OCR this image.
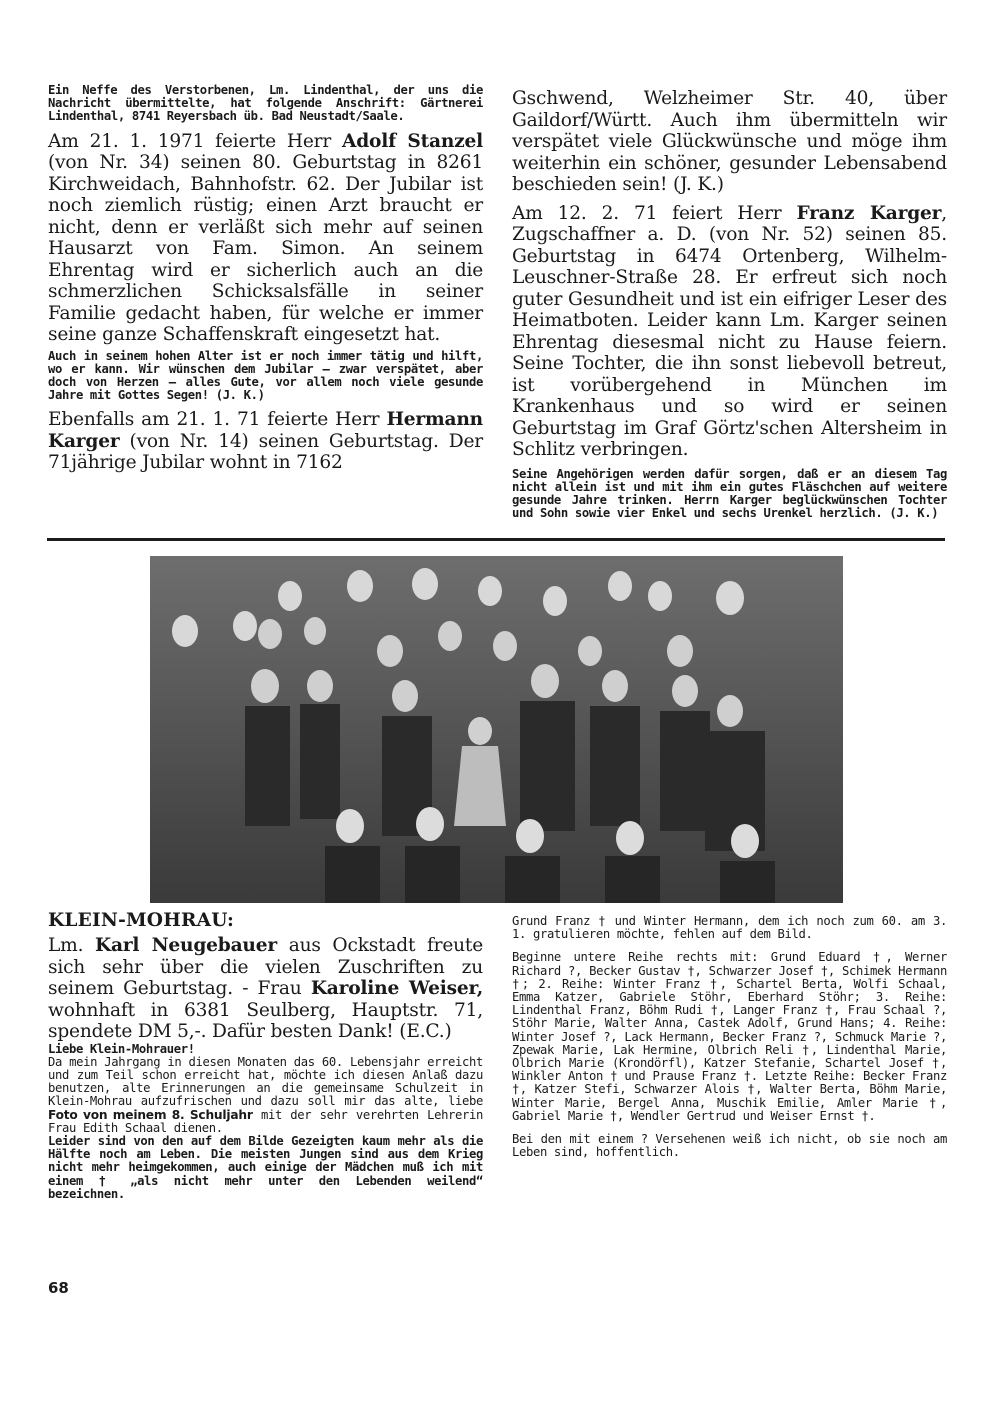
Ein Neffe des Verstorbenen, Lm. Lindenthal, der uns die Nachricht übermittelte, hat folgende Anschrift: Gärtnerei Lindenthal, 8741 Reyersbach üb. Bad Neustadt/Saale.

Am 21. 1. 1971 feierte Herr Adolf Stanzel (von Nr. 34) seinen 80. Geburtstag in 8261 Kirchweidach, Bahnhofstr. 62. Der Jubilar ist noch ziemlich rüstig; einen Arzt braucht er nicht, denn er verläßt sich mehr auf seinen Hausarzt von Fam. Simon. An seinem Ehrentag wird er sicherlich auch an die schmerzlichen Schicksalsfälle in seiner Familie gedacht haben, für welche er immer seine ganze Schaffenskraft eingesetzt hat.

Auch in seinem hohen Alter ist er noch immer tätig und hilft, wo er kann. Wir wünschen dem Jubilar — zwar verspätet, aber doch von Herzen — alles Gute, vor allem noch viele gesunde Jahre mit Gottes Segen! (J. K.)

Ebenfalls am 21. 1. 71 feierte Herr Hermann Karger (von Nr. 14) seinen Geburtstag. Der 71jährige Jubilar wohnt in 7162

Gschwend, Welzheimer Str. 40, über Gaildorf/Württ. Auch ihm übermitteln wir verspätet viele Glückwünsche und möge ihm weiterhin ein schöner, gesunder Lebensabend beschieden sein! (J. K.)

Am 12. 2. 71 feiert Herr Franz Karger, Zugschaffner a. D. (von Nr. 52) seinen 85. Geburtstag in 6474 Ortenberg, Wilhelm-Leuschner-Straße 28. Er erfreut sich noch guter Gesundheit und ist ein eifriger Leser des Heimatboten. Leider kann Lm. Karger seinen Ehrentag diesesmal nicht zu Hause feiern. Seine Tochter, die ihn sonst liebevoll betreut, ist vorübergehend in München im Krankenhaus und so wird er seinen Geburtstag im Graf Görtz'schen Altersheim in Schlitz verbringen.

Seine Angehörigen werden dafür sorgen, daß er an diesem Tag nicht allein ist und mit ihm ein gutes Fläschchen auf weitere gesunde Jahre trinken. Herrn Karger beglückwünschen Tochter und Sohn sowie vier Enkel und sechs Urenkel herzlich. (J. K.)

KLEIN-MOHRAU:

Lm. Karl Neugebauer aus Ockstadt freute sich sehr über die vielen Zuschriften zu seinem Geburtstag. - Frau Karoline Weiser, wohnhaft in 6381 Seulberg, Hauptstr. 71, spendete DM 5,-. Dafür besten Dank! (E.C.)

Liebe Klein-Mohrauer!

Da mein Jahrgang in diesen Monaten das 60. Lebensjahr erreicht und zum Teil schon erreicht hat, möchte ich diesen Anlaß dazu benutzen, alte Erinnerungen an die gemeinsame Schulzeit in Klein-Mohrau aufzufrischen und dazu soll mir das alte, liebe Foto von meinem 8. Schuljahr mit der sehr verehrten Lehrerin Frau Edith Schaal dienen.

Leider sind von den auf dem Bilde Gezeigten kaum mehr als die Hälfte noch am Leben. Die meisten Jungen sind aus dem Krieg nicht mehr heimgekommen, auch einige der Mädchen muß ich mit einem † „als nicht mehr unter den Lebenden weilend“ bezeichnen.

Grund Franz † und Winter Hermann, dem ich noch zum 60. am 3. 1. gratulieren möchte, fehlen auf dem Bild.

Beginne untere Reihe rechts mit: Grund Eduard †, Werner Richard ?, Becker Gustav †, Schwarzer Josef †, Schimek Hermann †; 2. Reihe: Winter Franz †, Schartel Berta, Wolfi Schaal, Emma Katzer, Gabriele Stöhr, Eberhard Stöhr; 3. Reihe: Lindenthal Franz, Böhm Rudi †, Langer Franz †, Frau Schaal ?, Stöhr Marie, Walter Anna, Castek Adolf, Grund Hans; 4. Reihe: Winter Josef ?, Lack Hermann, Becker Franz ?, Schmuck Marie ?, Zpewak Marie, Lak Hermine, Olbrich Reli †, Lindenthal Marie, Olbrich Marie (Krondörfl), Katzer Stefanie, Schartel Josef †, Winkler Anton † und Prause Franz †. Letzte Reihe: Becker Franz †, Katzer Stefi, Schwarzer Alois †, Walter Berta, Böhm Marie, Winter Marie, Bergel Anna, Muschik Emilie, Amler Marie †, Gabriel Marie †, Wendler Gertrud und Weiser Ernst †.

Bei den mit einem ? Versehenen weiß ich nicht, ob sie noch am Leben sind, hoffentlich.

68
